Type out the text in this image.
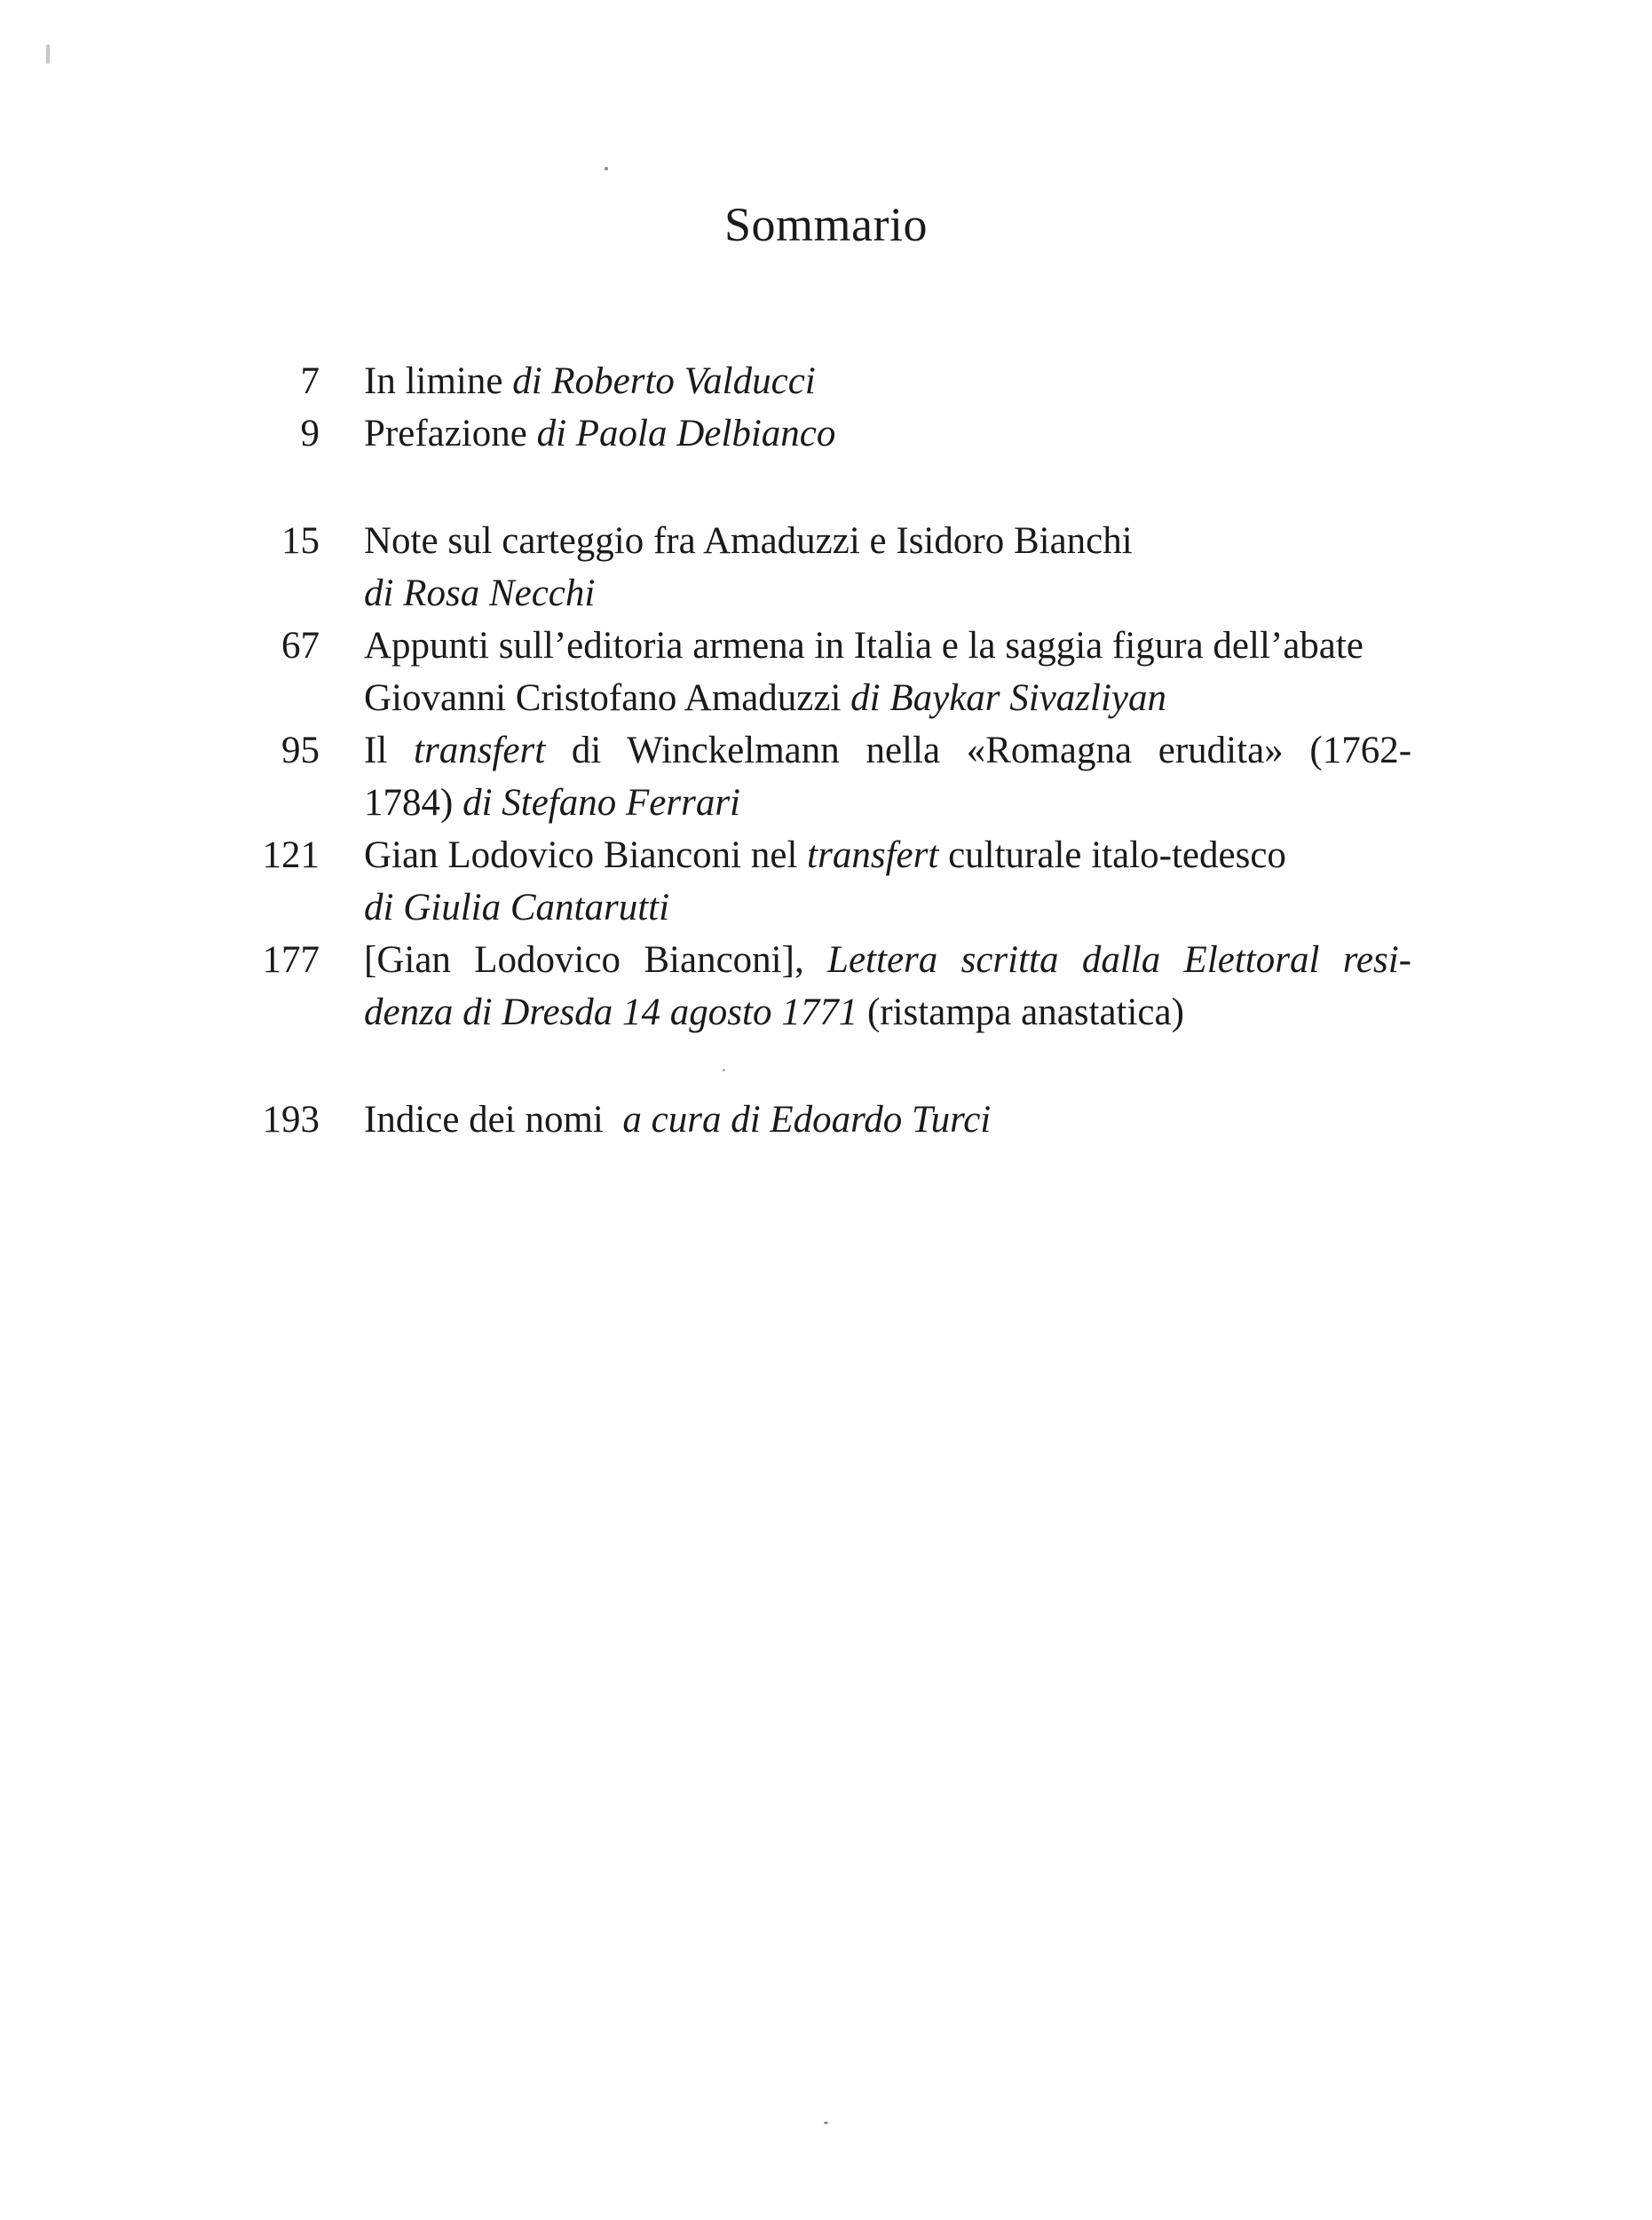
Sommario
7 In limine di Roberto Valducci
9 Prefazione di Paola Delbianco
15 Note sul carteggio fra Amaduzzi e Isidoro Bianchi
di Rosa Necchi
67 Appunti sull’editoria armena in Italia e la saggia figura dell’abate
Giovanni Cristofano Amaduzzi di Baykar Sivazliyan
95 Il transfert di Winckelmann nella «Romagna erudita» (1762-
1784) di Stefano Ferrari
121 Gian Lodovico Bianconi nel transfert culturale italo-tedesco
di Giulia Cantarutti
177 [Gian Lodovico Bianconi], Lettera scritta dalla Elettoral resi-
denza di Dresda 14 agosto 1771 (ristampa anastatica)
193 Indice dei nomi a cura di Edoardo Turci
